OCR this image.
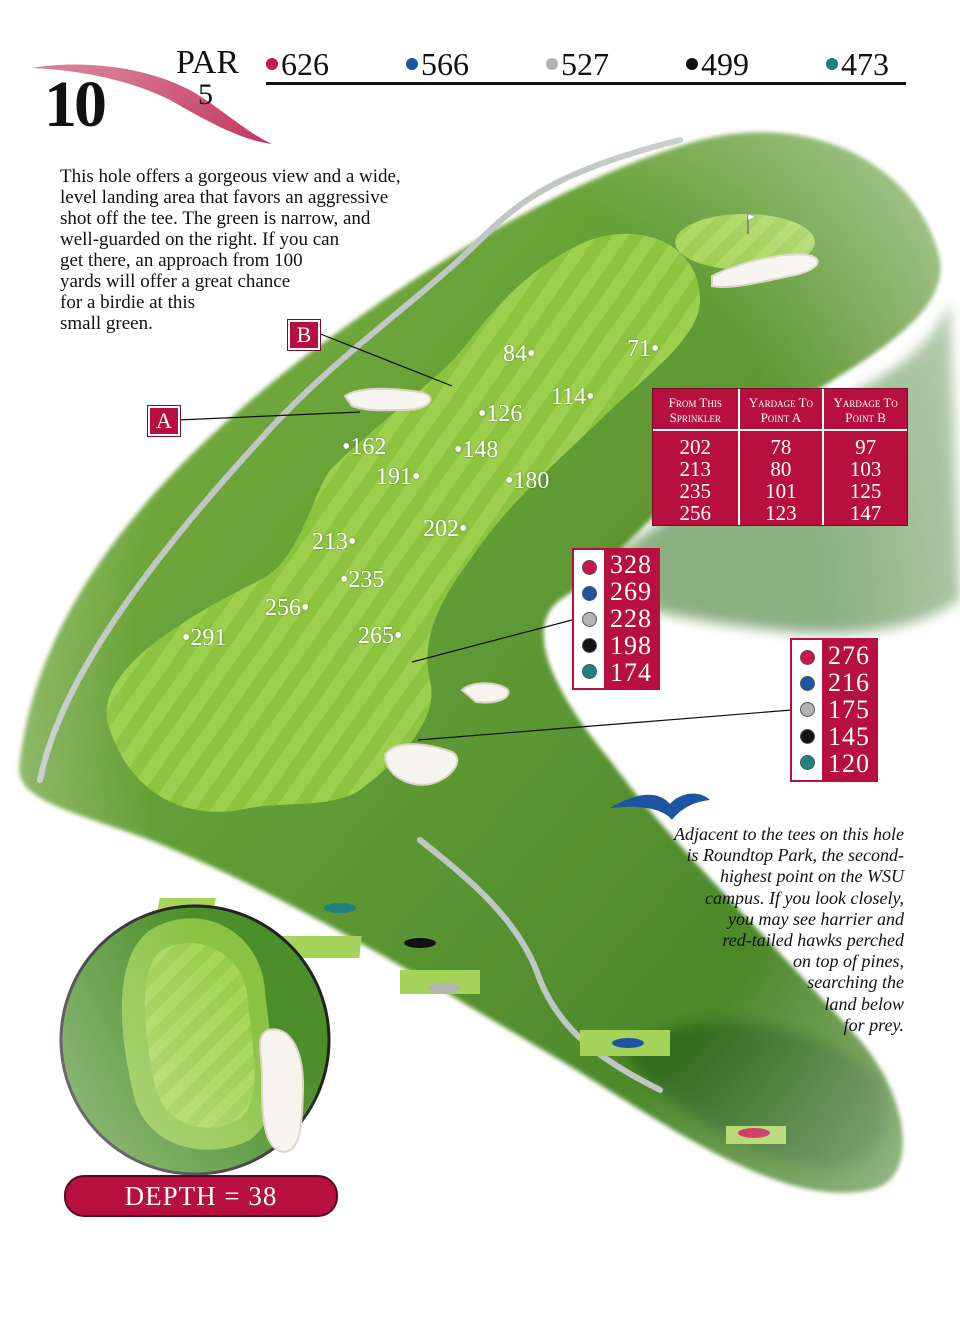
10
PAR
5
626	566	527	499	473
This hole offers a gorgeous view and a wide,
level landing area that favors an aggressive
shot off the tee. The green is narrow, and
well-guarded on the right. If you can
get there, an approach from 100
yards will offer a great chance
for a birdie at this
small green.
A
B
71•
84•
114•
•126
•148
•162
•180
191•
202•
213•
•235
256•
265•
•291
From This Sprinkler	Yardage To Point A	Yardage To Point B
202	78	97
213	80	103
235	101	125
256	123	147
328
269
228
198
174
276
216
175
145
120
Adjacent to the tees on this hole
is Roundtop Park, the second-
highest point on the WSU
campus. If you look closely,
you may see harrier and
red-tailed hawks perched
on top of pines,
searching the
land below
for prey.
DEPTH = 38
